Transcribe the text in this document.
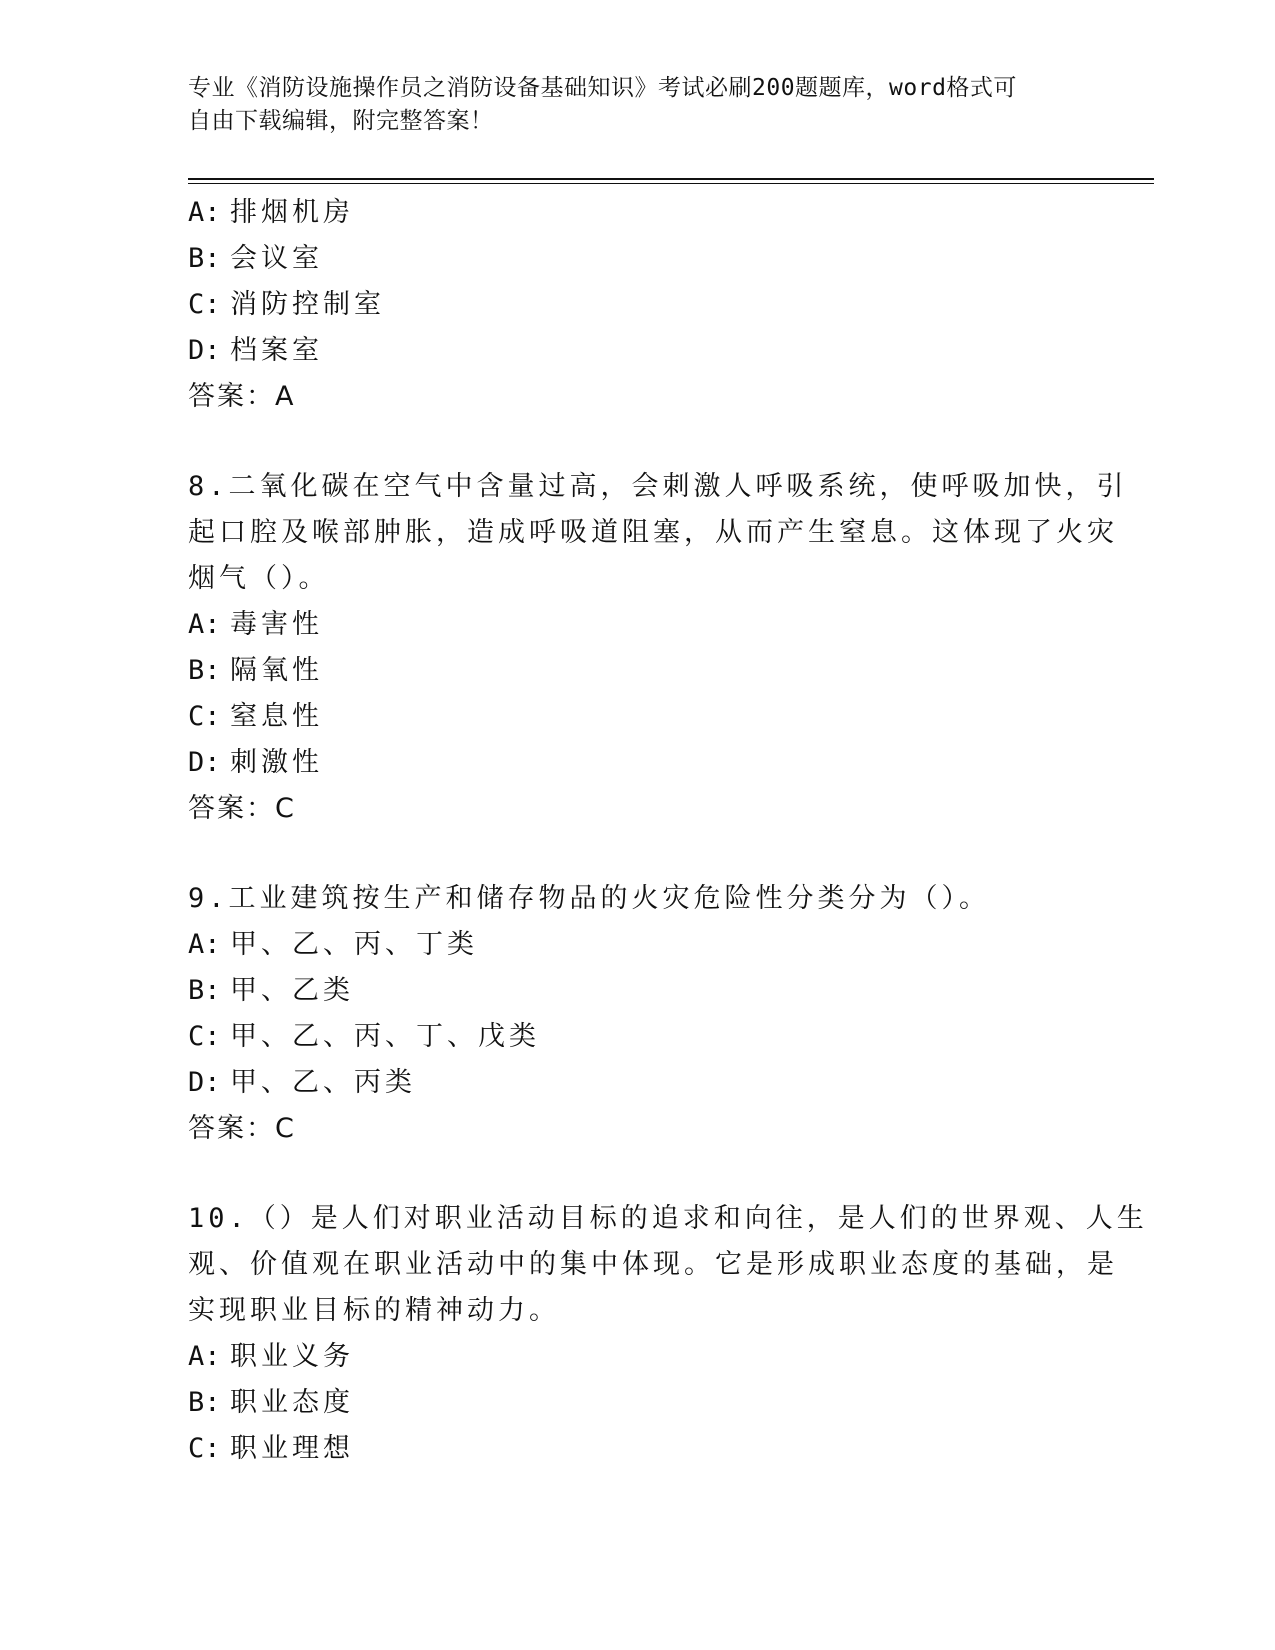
专业《消防设施操作员之消防设备基础知识》考试必刷200题题库，word格式可
自由下载编辑，附完整答案！
A: 排烟机房
B: 会议室
C: 消防控制室
D: 档案室
答案：A
8.二氧化碳在空气中含量过高，会刺激人呼吸系统，使呼吸加快，引
起口腔及喉部肿胀，造成呼吸道阻塞，从而产生窒息。这体现了火灾
烟气（）。
A: 毒害性
B: 隔氧性
C: 窒息性
D: 刺激性
答案：C
9.工业建筑按生产和储存物品的火灾危险性分类分为（）。
A: 甲、乙、丙、丁类
B: 甲、乙类
C: 甲、乙、丙、丁、戊类
D: 甲、乙、丙类
答案：C
10.（）是人们对职业活动目标的追求和向往，是人们的世界观、人生
观、价值观在职业活动中的集中体现。它是形成职业态度的基础，是
实现职业目标的精神动力。
A: 职业义务
B: 职业态度
C: 职业理想
